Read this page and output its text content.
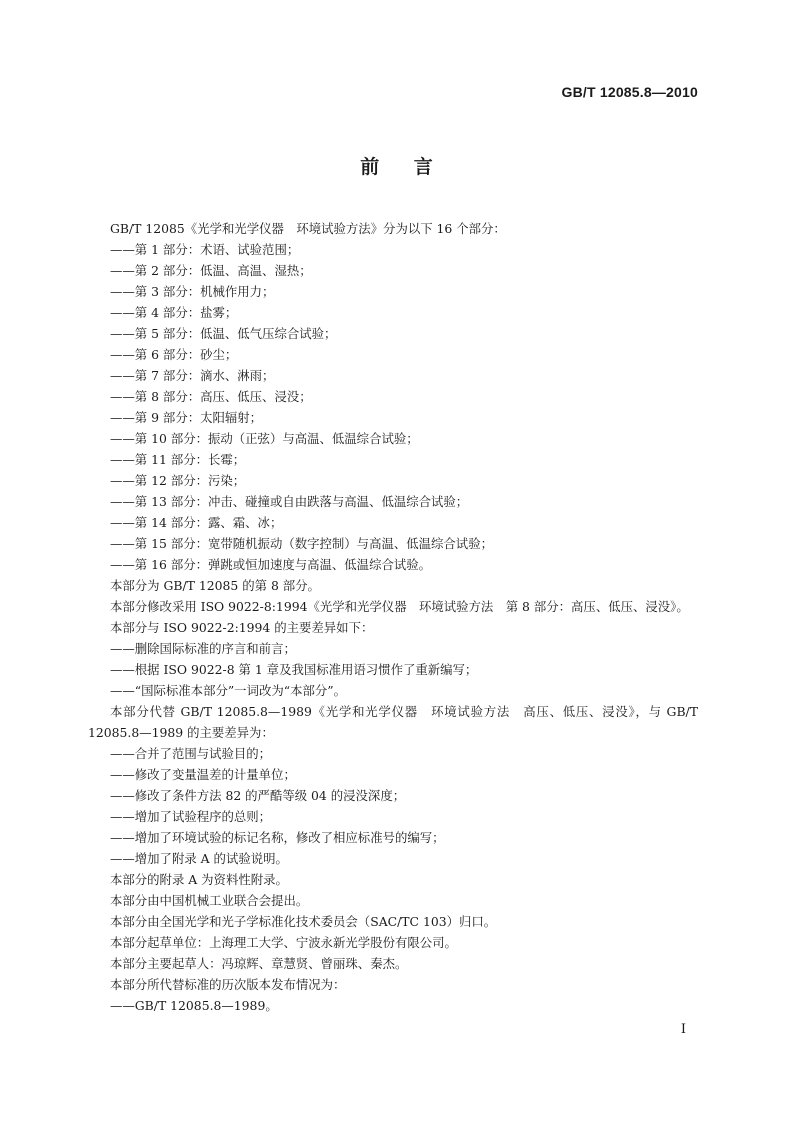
GB/T 12085.8—2010
前 言

GB/T 12085《光学和光学仪器　环境试验方法》分为以下 16 个部分：

——第 1 部分：术语、试验范围；

——第 2 部分：低温、高温、湿热；

——第 3 部分：机械作用力；

——第 4 部分：盐雾；

——第 5 部分：低温、低气压综合试验；

——第 6 部分：砂尘；

——第 7 部分：滴水、淋雨；

——第 8 部分：高压、低压、浸没；

——第 9 部分：太阳辐射；

——第 10 部分：振动（正弦）与高温、低温综合试验；

——第 11 部分：长霉；

——第 12 部分：污染；

——第 13 部分：冲击、碰撞或自由跌落与高温、低温综合试验；

——第 14 部分：露、霜、冰；

——第 15 部分：宽带随机振动（数字控制）与高温、低温综合试验；

——第 16 部分：弹跳或恒加速度与高温、低温综合试验。

本部分为 GB/T 12085 的第 8 部分。

本部分修改采用 ISO 9022-8:1994《光学和光学仪器　环境试验方法　第 8 部分：高压、低压、浸没》。

本部分与 ISO 9022-2:1994 的主要差异如下：

——删除国际标准的序言和前言；

——根据 ISO 9022-8 第 1 章及我国标准用语习惯作了重新编写；

——“国际标准本部分”一词改为“本部分”。

本部分代替 GB/T 12085.8—1989《光学和光学仪器　环境试验方法　高压、低压、浸没》，与 GB/T 12085.8—1989 的主要差异为：

——合并了范围与试验目的；

——修改了变量温差的计量单位；

——修改了条件方法 82 的严酷等级 04 的浸没深度；

——增加了试验程序的总则；

——增加了环境试验的标记名称，修改了相应标准号的编写；

——增加了附录 A 的试验说明。

本部分的附录 A 为资料性附录。

本部分由中国机械工业联合会提出。

本部分由全国光学和光子学标准化技术委员会（SAC/TC 103）归口。

本部分起草单位：上海理工大学、宁波永新光学股份有限公司。

本部分主要起草人：冯琼辉、章慧贤、曾丽珠、秦杰。

本部分所代替标准的历次版本发布情况为：

——GB/T 12085.8—1989。

I
